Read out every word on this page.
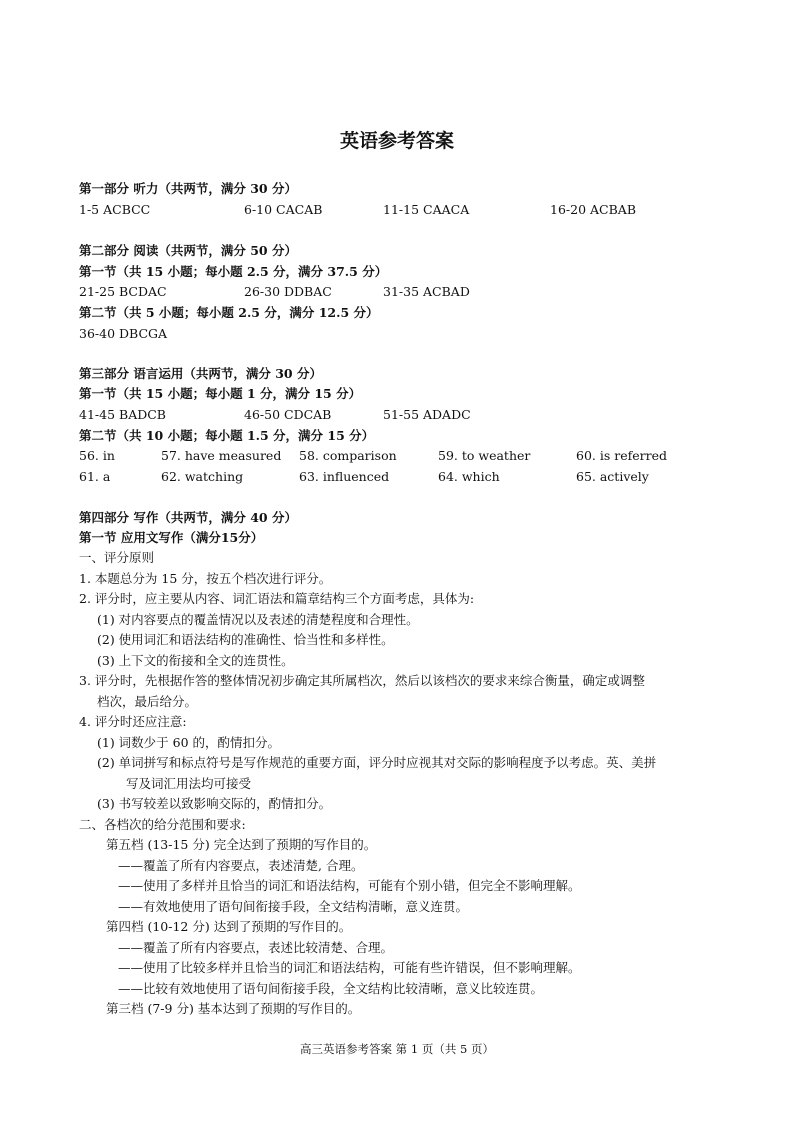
英语参考答案
第一部分 听力（共两节，满分 30 分）
1-5 ACBCC	6-10 CACAB	11-15 CAACA	16-20 ACBAB
第二部分 阅读（共两节，满分 50 分）
第一节（共 15 小题；每小题 2.5 分，满分 37.5 分）
21-25 BCDAC	26-30 DDBAC	31-35 ACBAD
第二节（共 5 小题；每小题 2.5 分，满分 12.5 分）
36-40 DBCGA
第三部分 语言运用（共两节，满分 30 分）
第一节（共 15 小题；每小题 1 分，满分 15 分）
41-45 BADCB	46-50 CDCAB	51-55 ADADC
第二节（共 10 小题；每小题 1.5 分，满分 15 分）
56. in	57. have measured 58. comparison	59. to weather	60. is referred
61. a	62. watching	63. influenced	64. which	65. actively
第四部分 写作（共两节，满分 40 分）
第一节 应用文写作（满分15分）
一、评分原则
1. 本题总分为 15 分，按五个档次进行评分。
2. 评分时，应主要从内容、词汇语法和篇章结构三个方面考虑，具体为:
(1) 对内容要点的覆盖情况以及表述的清楚程度和合理性。
(2) 使用词汇和语法结构的准确性、恰当性和多样性。
(3) 上下文的衔接和全文的连贯性。
3. 评分时，先根据作答的整体情况初步确定其所属档次，然后以该档次的要求来综合衡量，确定或调整
档次，最后给分。
4. 评分时还应注意:
(1) 词数少于 60 的，酌情扣分。
(2) 单词拼写和标点符号是写作规范的重要方面，评分时应视其对交际的影响程度予以考虑。英、美拼
写及词汇用法均可接受
(3) 书写较差以致影响交际的，酌情扣分。
二、各档次的给分范围和要求:
第五档 (13-15 分) 完全达到了预期的写作目的。
——覆盖了所有内容要点，表述清楚, 合理。
——使用了多样并且恰当的词汇和语法结构，可能有个别小错，但完全不影响理解。
——有效地使用了语句间衔接手段，全文结构清晰，意义连贯。
第四档 (10-12 分) 达到了预期的写作目的。
——覆盖了所有内容要点，表述比较清楚、合理。
——使用了比较多样并且恰当的词汇和语法结构，可能有些许错误，但不影响理解。
——比较有效地使用了语句间衔接手段，全文结构比较清晰，意义比较连贯。
第三档 (7-9 分) 基本达到了预期的写作目的。
高三英语参考答案 第 1 页（共 5 页）
